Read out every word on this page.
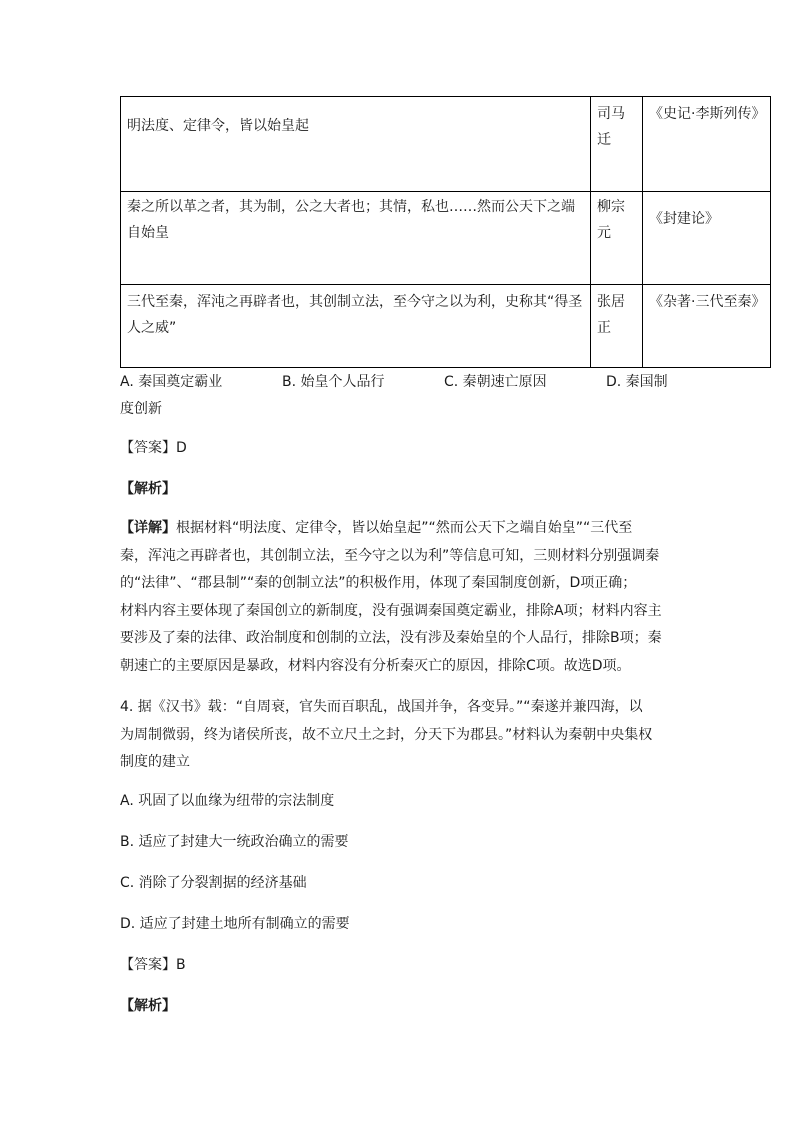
明法度、定律令，皆以始皇起	司马迁	《史记·李斯列传》
秦之所以革之者，其为制，公之大者也；其情，私也……然而公天下之端自始皇	柳宗元	《封建论》
三代至秦，浑沌之再辟者也，其创制立法，至今守之以为利，史称其“得圣人之威”	张居正	《杂著·三代至秦》
A. 秦国奠定霸业	B. 始皇个人品行	C. 秦朝速亡原因	D. 秦国制
度创新
【答案】D
【解析】
【详解】根据材料“明法度、定律令，皆以始皇起”“然而公天下之端自始皇”“三代至
秦，浑沌之再辟者也，其创制立法，至今守之以为利”等信息可知，三则材料分别强调秦
的“法律”、“郡县制”“秦的创制立法”的积极作用，体现了秦国制度创新，D项正确；
材料内容主要体现了秦国创立的新制度，没有强调秦国奠定霸业，排除A项；材料内容主
要涉及了秦的法律、政治制度和创制的立法，没有涉及秦始皇的个人品行，排除B项；秦
朝速亡的主要原因是暴政，材料内容没有分析秦灭亡的原因，排除C项。故选D项。
4. 据《汉书》载：“自周衰，官失而百职乱，战国并争，各变异。”“秦遂并兼四海，以
为周制微弱，终为诸侯所丧，故不立尺土之封，分天下为郡县。”材料认为秦朝中央集权
制度的建立
A. 巩固了以血缘为纽带的宗法制度
B. 适应了封建大一统政治确立的需要
C. 消除了分裂割据的经济基础
D. 适应了封建土地所有制确立的需要
【答案】B
【解析】
